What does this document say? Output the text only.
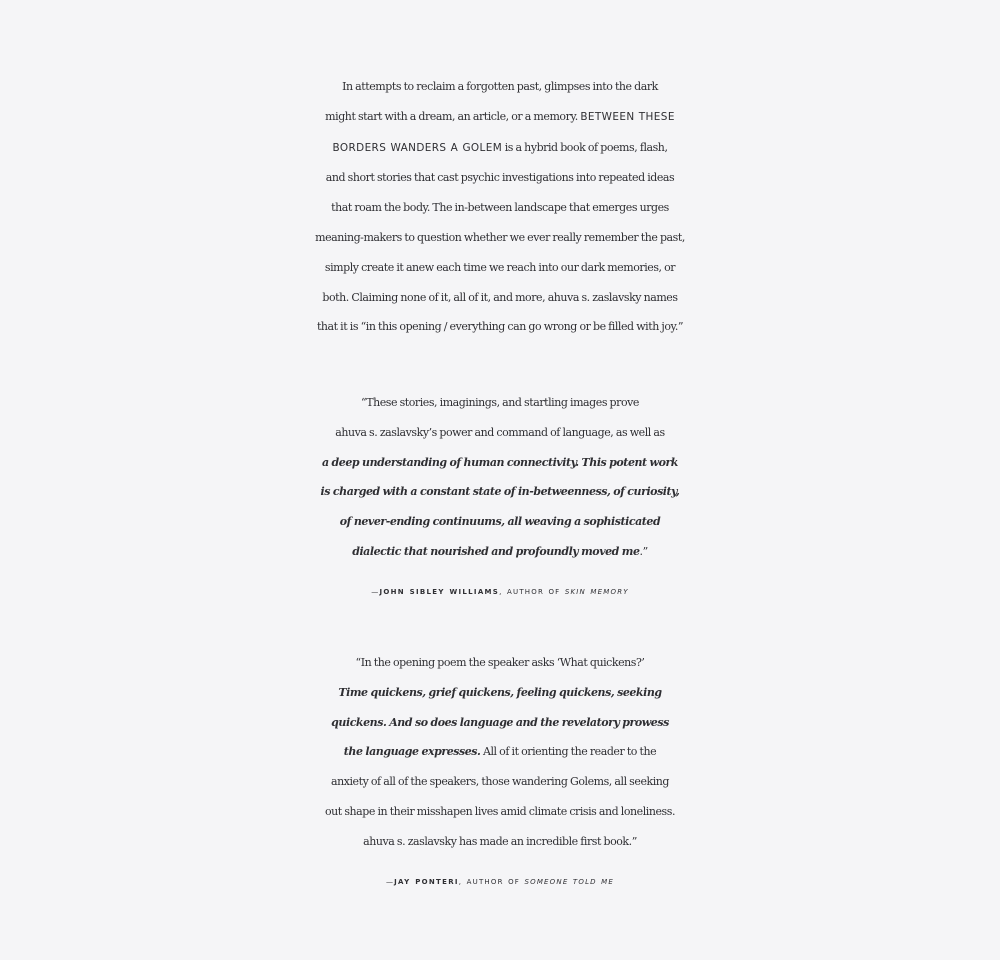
In attempts to reclaim a forgotten past, glimpses into the dark
might start with a dream, an article, or a memory. BETWEEN THESE
BORDERS WANDERS A GOLEM is a hybrid book of poems, flash,
and short stories that cast psychic investigations into repeated ideas
that roam the body. The in-between landscape that emerges urges
meaning-makers to question whether we ever really remember the past,
simply create it anew each time we reach into our dark memories, or
both. Claiming none of it, all of it, and more, ahuva s. zaslavsky names
that it is “in this opening / everything can go wrong or be filled with joy.”
“These stories, imaginings, and startling images prove
ahuva s. zaslavsky’s power and command of language, as well as
a deep understanding of human connectivity. This potent work
is charged with a constant state of in-betweenness, of curiosity,
of never-ending continuums, all weaving a sophisticated
dialectic that nourished and profoundly moved me.”
—JOHN SIBLEY WILLIAMS, AUTHOR OF SKIN MEMORY
“In the opening poem the speaker asks ‘What quickens?’
Time quickens, grief quickens, feeling quickens, seeking
quickens. And so does language and the revelatory prowess
the language expresses. All of it orienting the reader to the
anxiety of all of the speakers, those wandering Golems, all seeking
out shape in their misshapen lives amid climate crisis and loneliness.
ahuva s. zaslavsky has made an incredible first book.”
—JAY PONTERI, AUTHOR OF SOMEONE TOLD ME
